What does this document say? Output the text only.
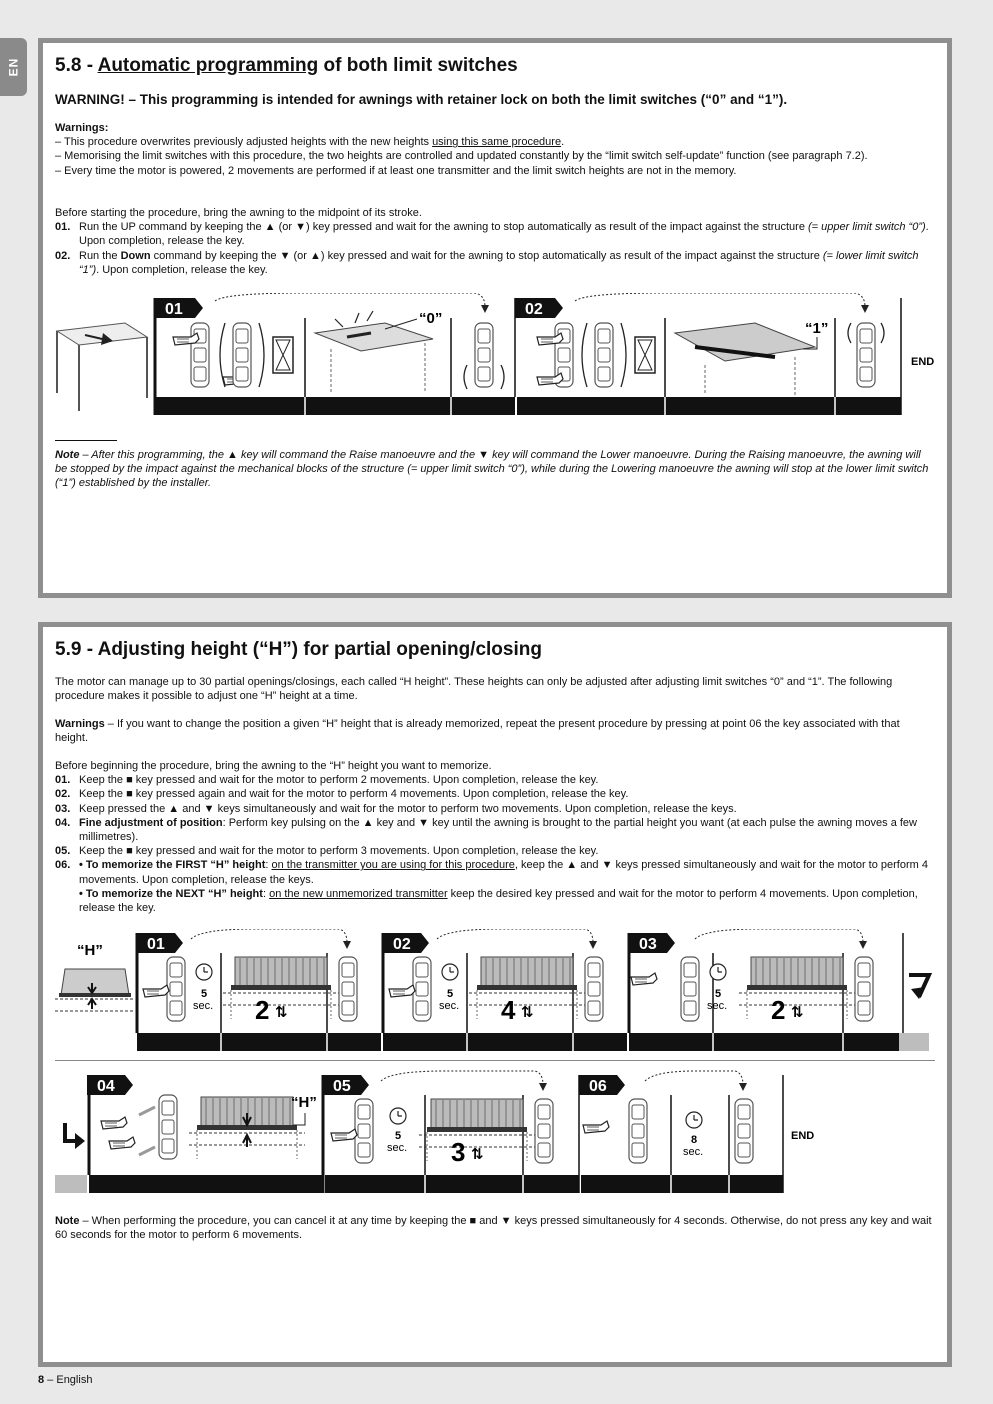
EN 5.8 - Automatic programming of both limit switches
WARNING! – This programming is intended for awnings with retainer lock on both the limit switches (“0” and “1”).

Warnings:

– This procedure overwrites previously adjusted heights with the new heights using this same procedure.

– Memorising the limit switches with this procedure, the two heights are controlled and updated constantly by the “limit switch self-update” function (see paragraph 7.2).

– Every time the motor is powered, 2 movements are performed if at least one transmitter and the limit switch heights are not in the memory.

Before starting the procedure, bring the awning to the midpoint of its stroke.

01. Run the UP command by keeping the ▲ (or ▼) key pressed and wait for the awning to stop automatically as result of the impact against the structure (= upper limit switch “0”). Upon completion, release the key.

02. Run the Down command by keeping the ▼ (or ▲) key pressed and wait for the awning to stop automatically as result of the impact against the structure (= lower limit switch “1”). Upon completion, release the key.

01
“0”
02
“1”
END
Note – After this programming, the ▲ key will command the Raise manoeuvre and the ▼ key will command the Lower manoeuvre. During the Raising manoeuvre, the awning will be stopped by the impact against the mechanical blocks of the structure (= upper limit switch “0”), while during the Lowering manoeuvre the awning will stop at the lower limit switch (“1”) established by the installer.
5.9 - Adjusting height (“H”) for partial opening/closing
The motor can manage up to 30 partial openings/closings, each called “H height”. These heights can only be adjusted after adjusting limit switches “0” and “1”. The following procedure makes it possible to adjust one “H” height at a time.
Warnings – If you want to change the position a given “H” height that is already memorized, repeat the present procedure by pressing at point 06 the key associated with that height.

Before beginning the procedure, bring the awning to the “H” height you want to memorize.

01. Keep the ■ key pressed and wait for the motor to perform 2 movements. Upon completion, release the key.

02. Keep the ■ key pressed again and wait for the motor to perform 4 movements. Upon completion, release the key.

03. Keep pressed the ▲ and ▼ keys simultaneously and wait for the motor to perform two movements. Upon completion, release the keys.

04. Fine adjustment of position: Perform key pulsing on the ▲ key and ▼ key until the awning is brought to the partial height you want (at each pulse the awning moves a few millimetres).

05. Keep the ■ key pressed and wait for the motor to perform 3 movements. Upon completion, release the key.

06. • To memorize the FIRST “H” height: on the transmitter you are using for this procedure, keep the ▲ and ▼ keys pressed simultaneously and wait for the motor to perform 4 movements. Upon completion, release the keys.

• To memorize the NEXT “H” height: on the new unmemorized transmitter keep the desired key pressed and wait for the motor to perform 4 movements. Upon completion, release the key.

“H”	01
5
sec. 2 ⇅
02
5
sec. 4 ⇅
03
5
sec. 2 ⇅
04
“H”
05
5
sec. 3 ⇅
06
8
sec.
END
Note – When performing the procedure, you can cancel it at any time by keeping the ■ and ▼ keys pressed simultaneously for 4 seconds. Otherwise, do not press any key and wait 60 seconds for the motor to perform 6 movements.
8 – English
